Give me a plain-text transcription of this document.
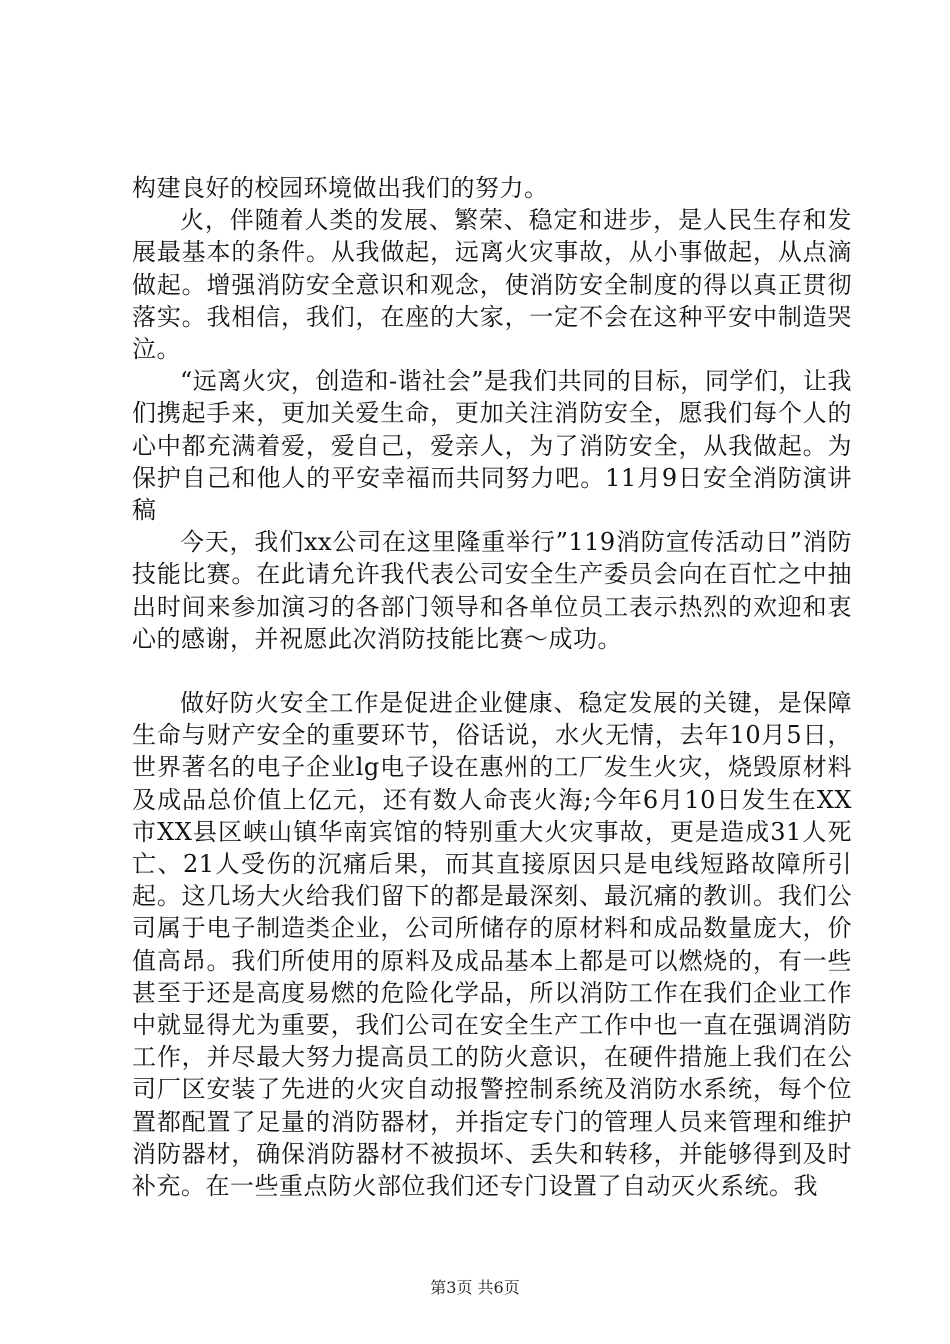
构建良好的校园环境做出我们的努力。

火，伴随着人类的发展、繁荣、稳定和进步，是人民生存和发展最基本的条件。从我做起，远离火灾事故，从小事做起，从点滴做起。增强消防安全意识和观念，使消防安全制度的得以真正贯彻落实。我相信，我们，在座的大家，一定不会在这种平安中制造哭泣。

“远离火灾，创造和-谐社会”是我们共同的目标，同学们，让我们携起手来，更加关爱生命，更加关注消防安全，愿我们每个人的心中都充满着爱，爱自己，爱亲人，为了消防安全，从我做起。为保护自己和他人的平安幸福而共同努力吧。11月9日安全消防演讲稿

今天，我们xx公司在这里隆重举行”119消防宣传活动日”消防技能比赛。在此请允许我代表公司安全生产委员会向在百忙之中抽出时间来参加演习的各部门领导和各单位员工表示热烈的欢迎和衷心的感谢，并祝愿此次消防技能比赛～成功。

做好防火安全工作是促进企业健康、稳定发展的关键，是保障生命与财产安全的重要环节，俗话说，水火无情，去年10月5日，世界著名的电子企业lg电子设在惠州的工厂发生火灾，烧毁原材料及成品总价值上亿元，还有数人命丧火海;今年6月10日发生在XX市XX县区峡山镇华南宾馆的特别重大火灾事故，更是造成31人死亡、21人受伤的沉痛后果，而其直接原因只是电线短路故障所引起。这几场大火给我们留下的都是最深刻、最沉痛的教训。我们公司属于电子制造类企业，公司所储存的原材料和成品数量庞大，价值高昂。我们所使用的原料及成品基本上都是可以燃烧的，有一些甚至于还是高度易燃的危险化学品，所以消防工作在我们企业工作中就显得尤为重要，我们公司在安全生产工作中也一直在强调消防工作，并尽最大努力提高员工的防火意识，在硬件措施上我们在公司厂区安装了先进的火灾自动报警控制系统及消防水系统，每个位置都配置了足量的消防器材，并指定专门的管理人员来管理和维护消防器材，确保消防器材不被损坏、丢失和转移，并能够得到及时补充。在一些重点防火部位我们还专门设置了自动灭火系统。我

第3页 共6页
